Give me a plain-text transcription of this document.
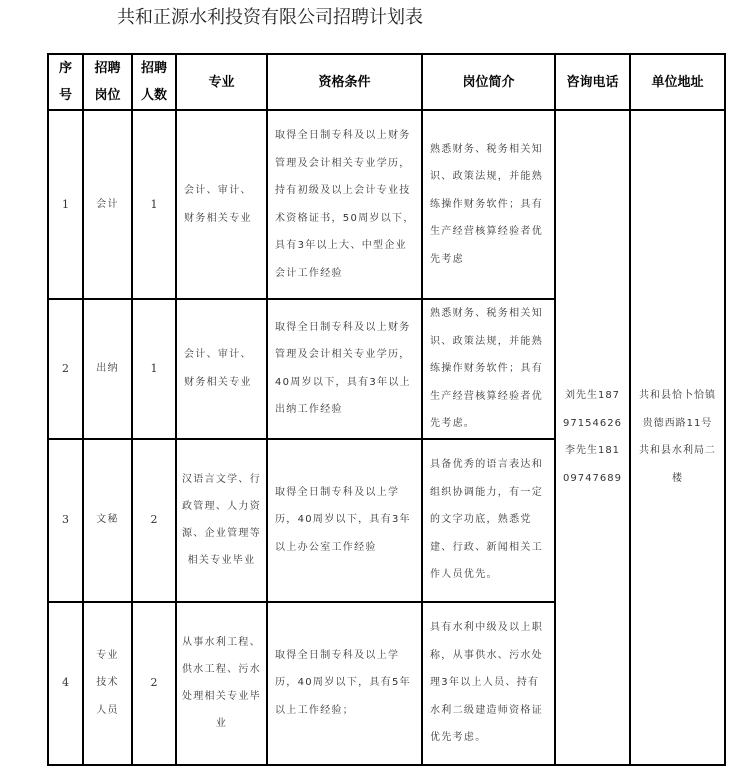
共和正源水利投资有限公司招聘计划表
序号	招聘岗位	招聘人数	专业	资格条件	岗位简介	咨询电话	单位地址
1	会计	1	会计、审计、财务相关专业	取得全日制专科及以上财务管理及会计相关专业学历，持有初级及以上会计专业技术资格证书，50周岁以下，具有3年以上大、中型企业会计工作经验	熟悉财务、税务相关知识、政策法规，并能熟练操作财务软件；具有生产经营核算经验者优先考虑	刘先生18797154626李先生18109747689	共和县恰卜恰镇贵德西路11号共和县水利局二楼

2	出纳	1	会计、审计、财务相关专业	取得全日制专科及以上财务管理及会计相关专业学历，40周岁以下，具有3年以上出纳工作经验	熟悉财务、税务相关知识、政策法规，并能熟练操作财务软件；具有生产经营核算经验者优先考虑。		
3	文秘	2	汉语言文学、行政管理、人力资源、企业管理等相关专业毕业	取得全日制专科及以上学历，40周岁以下，具有3年以上办公室工作经验	具备优秀的语言表达和组织协调能力，有一定的文字功底，熟悉党建、行政、新闻相关工作人员优先。		
4	专业技术人员	2	从事水利工程、供水工程、污水处理相关专业毕业	取得全日制专科及以上学历，40周岁以下，具有5年以上工作经验；	具有水利中级及以上职称，从事供水、污水处理3年以上人员、持有水利二级建造师资格证优先考虑。		
